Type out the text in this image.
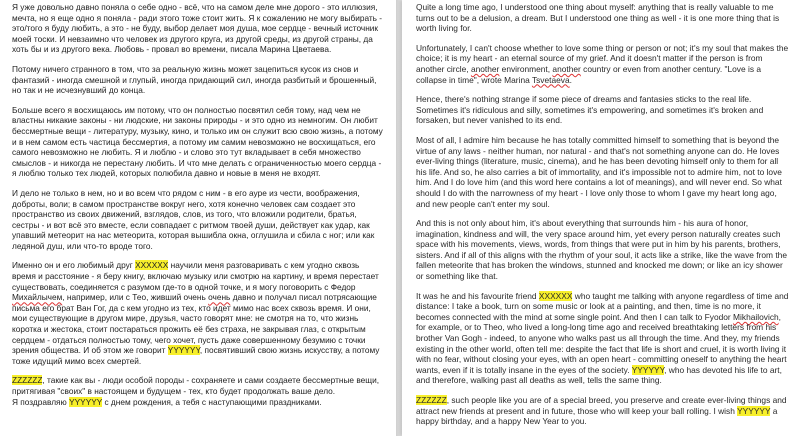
Я уже довольно давно поняла о себе одно - всё, что на самом деле мне дорого - это иллюзия, мечта, но я еще одно я поняла - ради этого тоже стоит жить. Я к сожалению не могу выбирать - это/того я буду любить, а это - не буду, выбор делает моя душа, мое сердце - вечный источник моей тоски. И невзаимно что человек из другого круга, из другой среды, из другой страны, да хоть бы и из другого века. Любовь - провал во времени, писала Марина Цветаева.

Потому ничего странного в том, что за реальную жизнь может зацепиться кусок из снов и фантазий - иногда смешной и глупый, иногда придающий сил, иногда разбитый и брошенный, но так и не исчезнувший до конца.

Больше всего я восхищаюсь им потому, что он полностью посвятил себя тому, над чем не властны никакие законы - ни людские, ни законы природы - и это одно из немногим. Он любит бессмертные вещи - литературу, музыку, кино, и только им он служит всю свою жизнь, а потому и в нем самом есть частица бессмертия, а потому им самим невозможно не восхищаться, его самого невозможно не любить. Я и люблю - и слово это тут вкладывает в себя множество смыслов - и никогда не перестану любить. И что мне делать с ограниченностью моего сердца - я люблю только тех людей, которых полюбила давно и новые в меня не входят.

И дело не только в нем, но и во всем что рядом с ним - в его ауре из чести, воображения, доброты, воли; в самом пространстве вокруг него, хотя конечно человек сам создает это пространство из своих движений, взглядов, слов, из того, что вложили родители, братья, сестры - и вот всё это вместе, если совпадает с ритмом твоей души, действует как удар, как упавший метеорит на нас метеорита, которая вышибла окна, оглушила и сбила с ног; или как ледяной душ, или что-то вроде того.

Именно он и его любимый друг XXXXXX научили меня разговаривать с кем угодно сквозь время и расстояние - я беру книгу, включаю музыку или смотрю на картину, и время перестает существовать, соединяется с разумом где-то в одной точке, и я могу поговорить с Федор Михайлычем, например, или с Тео, живший очень очень давно и получал писал потрясающие письма его брат Ван Гог, да с кем угодно из тех, кто идет мимо нас всех сквозь время. И они, мои существующие в другом мире, друзья, часто говорят мне: не смотря на то, что жизнь коротка и жестока, стоит постараться прожить её без страха, не закрывая глаз, с открытым сердцем - отдаться полностью тому, чего хочет, пусть даже совершенному безумию с точки зрения общества. И об этом же говорит YYYYYY, посвятивший свою жизнь искусству, а потому тоже идущий мимо всех смертей.

ZZZZZZ, такие как вы - люди особой породы - сохраняете и сами создаете бессмертные вещи, притягивая "своих" в настоящем и будущем - тех, кто будет продолжать ваше дело.
Я поздравляю YYYYYY с днем рождения, а тебя с наступающими праздниками.

Quite a long time ago, I understood one thing about myself: anything that is really valuable to me turns out to be a delusion, a dream. But I understood one thing as well - it is one more thing that is worth living for.

Unfortunately, I can't choose whether to love some thing or person or not; it's my soul that makes the choice; it is my heart - an eternal source of my grief. And it doesn't matter if the person is from another circle, another environment, another country or even from another century. "Love is a collapse in time", wrote Marina Tsvetaeva.

Hence, there's nothing strange if some piece of dreams and fantasies sticks to the real life. Sometimes it's ridiculous and silly, sometimes it's empowering, and sometimes it's broken and forsaken, but never vanished to its end.

Most of all, I admire him because he has totally committed himself to something that is beyond the virtue of any laws - neither human, nor natural - and that's not something anyone can do. He loves ever-living things (literature, music, cinema), and he has been devoting himself only to them for all his life. And so, he also carries a bit of immortality, and it's impossible not to admire him, not to love him. And I do love him (and this word here contains a lot of meanings), and will never end. So what should I do with the narrowness of my heart - I love only those to whom I gave my heart long ago, and new people can't enter my soul.

And this is not only about him, it's about everything that surrounds him - his aura of honor, imagination, kindness and will, the very space around him, yet every person naturally creates such space with his movements, views, words, from things that were put in him by his parents, brothers, sisters. And if all of this aligns with the rhythm of your soul, it acts like a strike, like the wave from the fallen meteorite that has broken the windows, stunned and knocked me down; or like an icy shower or something like that.

It was he and his favourite friend XXXXXX who taught me talking with anyone regardless of time and distance: I take a book, turn on some music or look at a painting, and then, time is no more, it becomes connected with the mind at some single point. And then I can talk to Fyodor Mikhailovich, for example, or to Theo, who lived a long-long time ago and received breathtaking letters from his brother Van Gogh - indeed, to anyone who walks past us all through the time. And they, my friends existing in the other world, often tell me: despite the fact that life is short and cruel, it is worth living it with no fear, without closing your eyes, with an open heart - committing oneself to anything the heart wants, even if it is totally insane in the eyes of the society. YYYYYY, who has devoted his life to art, and therefore, walking past all deaths as well, tells the same thing.

ZZZZZZ, such people like you are of a special breed, you preserve and create ever-living things and attract new friends at present and in future, those who will keep your ball rolling. I wish YYYYYY a happy birthday, and a happy New Year to you.
